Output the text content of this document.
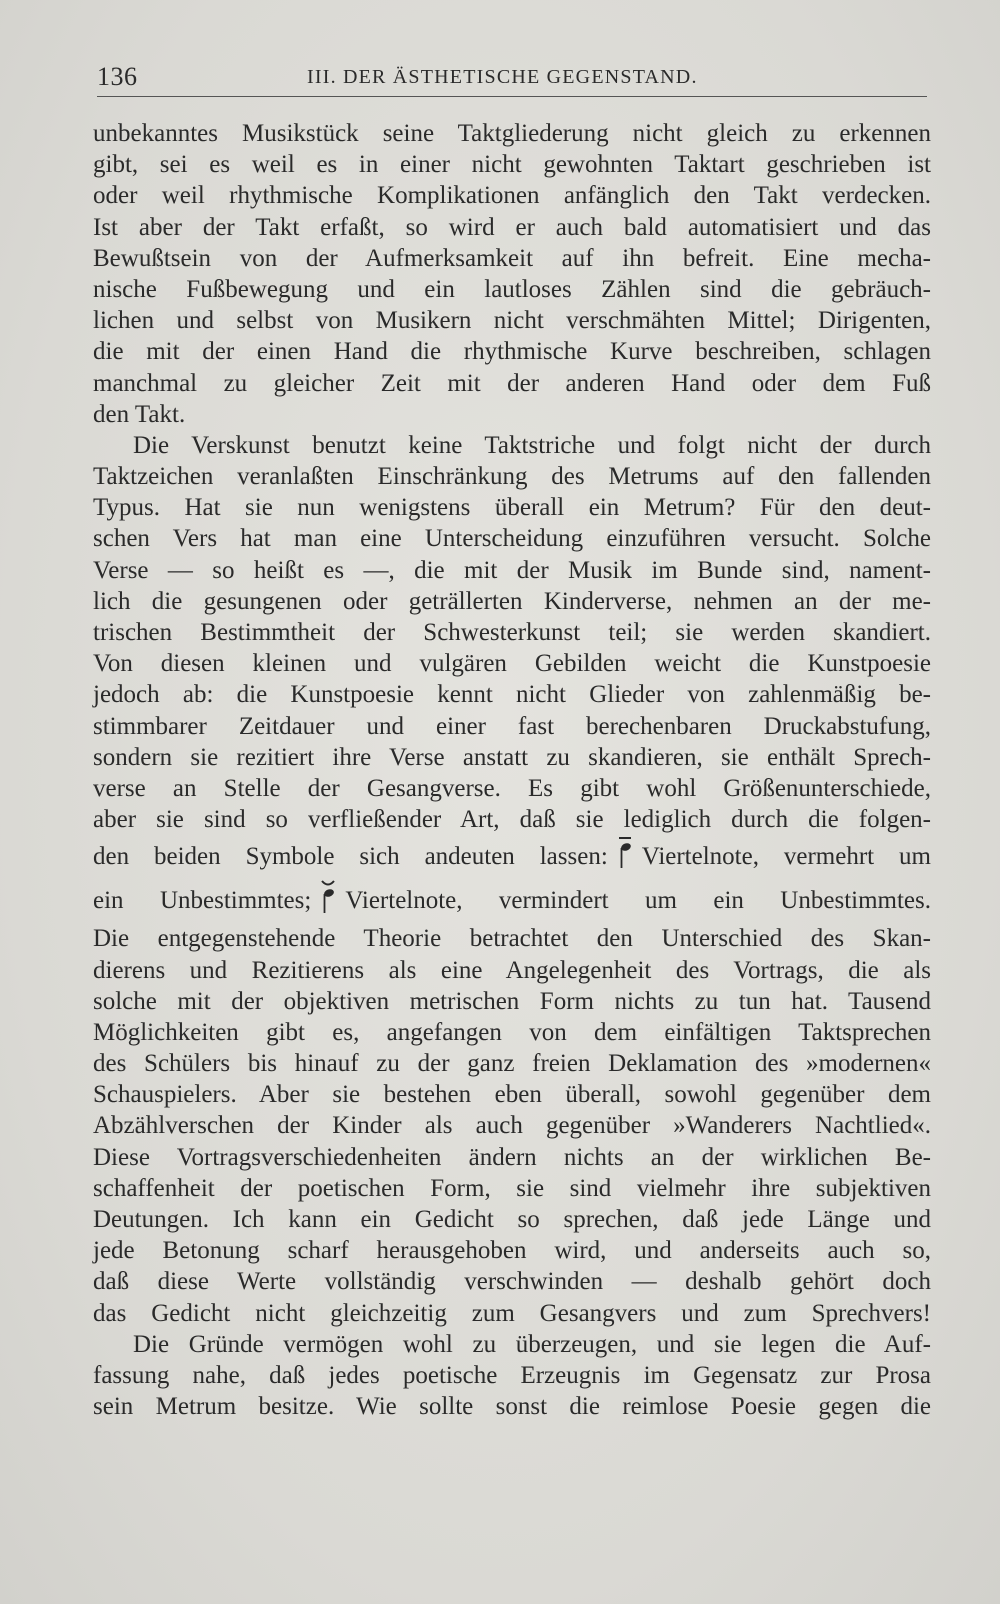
136	III. DER ÄSTHETISCHE GEGENSTAND.
unbekanntes Musikstück seine Taktgliederung nicht gleich zu erkennen
gibt, sei es weil es in einer nicht gewohnten Taktart geschrieben ist
oder weil rhythmische Komplikationen anfänglich den Takt verdecken.
Ist aber der Takt erfaßt, so wird er auch bald automatisiert und das
Bewußtsein von der Aufmerksamkeit auf ihn befreit. Eine mecha-
nische Fußbewegung und ein lautloses Zählen sind die gebräuch-
lichen und selbst von Musikern nicht verschmähten Mittel; Dirigenten,
die mit der einen Hand die rhythmische Kurve beschreiben, schlagen
manchmal zu gleicher Zeit mit der anderen Hand oder dem Fuß
den Takt.
Die Verskunst benutzt keine Taktstriche und folgt nicht der durch
Taktzeichen veranlaßten Einschränkung des Metrums auf den fallenden
Typus. Hat sie nun wenigstens überall ein Metrum? Für den deut-
schen Vers hat man eine Unterscheidung einzuführen versucht. Solche
Verse — so heißt es —, die mit der Musik im Bunde sind, nament-
lich die gesungenen oder geträllerten Kinderverse, nehmen an der me-
trischen Bestimmtheit der Schwesterkunst teil; sie werden skandiert.
Von diesen kleinen und vulgären Gebilden weicht die Kunstpoesie
jedoch ab: die Kunstpoesie kennt nicht Glieder von zahlenmäßig be-
stimmbarer Zeitdauer und einer fast berechenbaren Druckabstufung,
sondern sie rezitiert ihre Verse anstatt zu skandieren, sie enthält Sprech-
verse an Stelle der Gesangverse. Es gibt wohl Größenunterschiede,
aber sie sind so verfließender Art, daß sie lediglich durch die folgen-
den beiden Symbole sich andeuten lassen: Viertelnote, vermehrt um
ein Unbestimmtes; Viertelnote, vermindert um ein Unbestimmtes.
Die entgegenstehende Theorie betrachtet den Unterschied des Skan-
dierens und Rezitierens als eine Angelegenheit des Vortrags, die als
solche mit der objektiven metrischen Form nichts zu tun hat. Tausend
Möglichkeiten gibt es, angefangen von dem einfältigen Taktsprechen
des Schülers bis hinauf zu der ganz freien Deklamation des »modernen«
Schauspielers. Aber sie bestehen eben überall, sowohl gegenüber dem
Abzählverschen der Kinder als auch gegenüber »Wanderers Nachtlied«.
Diese Vortragsverschiedenheiten ändern nichts an der wirklichen Be-
schaffenheit der poetischen Form, sie sind vielmehr ihre subjektiven
Deutungen. Ich kann ein Gedicht so sprechen, daß jede Länge und
jede Betonung scharf herausgehoben wird, und anderseits auch so,
daß diese Werte vollständig verschwinden — deshalb gehört doch
das Gedicht nicht gleichzeitig zum Gesangvers und zum Sprechvers!
Die Gründe vermögen wohl zu überzeugen, und sie legen die Auf-
fassung nahe, daß jedes poetische Erzeugnis im Gegensatz zur Prosa
sein Metrum besitze. Wie sollte sonst die reimlose Poesie gegen die
